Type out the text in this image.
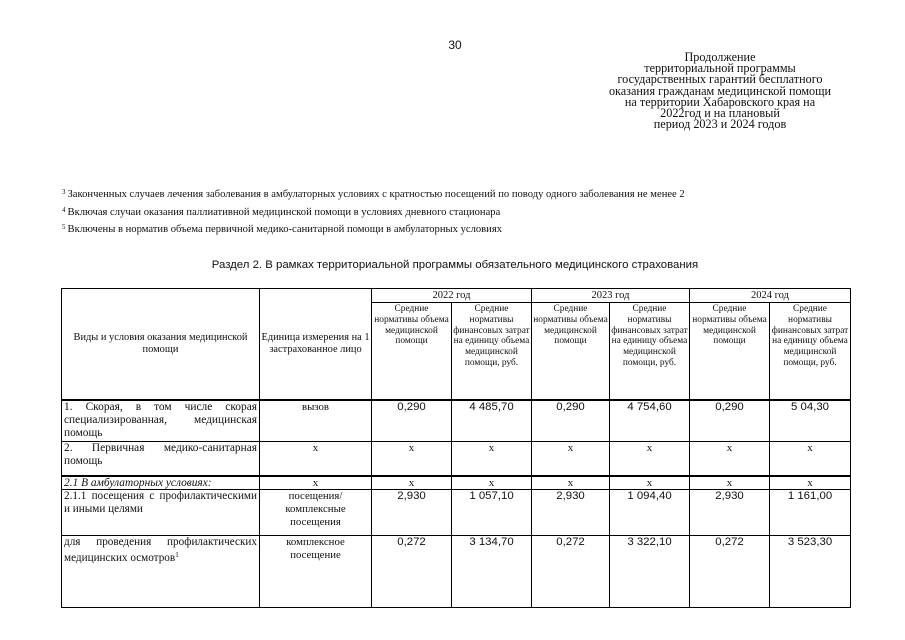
30
Продолжение
территориальной программы
государственных гарантий бесплатного
оказания гражданам медицинской помощи
на территории Хабаровского края на
2022год и на плановый
период 2023 и 2024 годов
$^3$ Законченных случаев лечения заболевания в амбулаторных условиях с кратностью посещений по поводу одного заболевания не менее 2
$^4$ Включая случаи оказания паллиативной медицинской помощи в условиях дневного стационара
$^5$ Включены в норматив объема первичной медико-санитарной помощи в амбулаторных условиях
Раздел 2. В рамках территориальной программы обязательного медицинского страхования
Виды и условия оказания медицинской помощи	Единица измерения на 1 застрахованное лицо	2022 год		2023 год		2024 год	
		Средние нормативы объема медицинской помощи	Средние нормативы финансовых затрат на единицу объема медицинской помощи, руб.	Средние нормативы объема медицинской помощи	Средние нормативы финансовых затрат на единицу объема медицинской помощи, руб.	Средние нормативы объема медицинской помощи	Средние нормативы финансовых затрат на единицу объема медицинской помощи, руб.
1. Скорая, в том числе скорая специализированная, медицинская помощь	вызов	0,290	4 485,70	0,290	4 754,60	0,290	5 04,30
2. Первичная медико-санитарная помощь	х	х	х	х	х	х	х
2.1 В амбулаторных условиях:	х	х	х	х	х	х	х
2.1.1 посещения с профилактическими и иными целями	посещения/комплексные посещения	2,930	1 057,10	2,930	1 094,40	2,930	1 161,00
для проведения профилактических медицинских осмотров$^1$	комплексное посещение	0,272	3 134,70	0,272	3 322,10	0,272	3 523,30
